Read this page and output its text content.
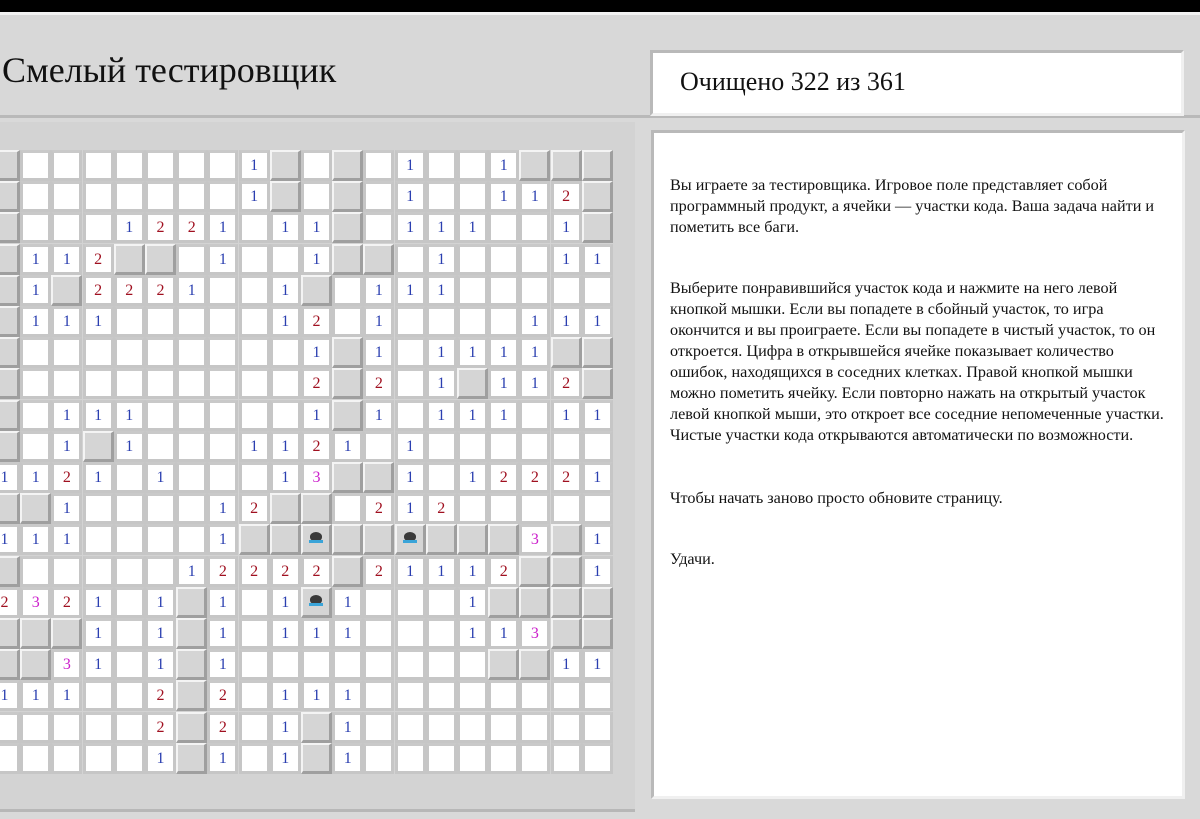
Смелый тестировщик	Очищено 322 из 361
1	1	1
1	1	1	1	2
1	2	2	1	1	1	1	1	1	1
1	1	2	1	1	1	1	1
1	2	2	2	1	1	1	1	1
1	1	1	1	2	1	1	1	1
1	1	1	1	1	1
2	2	1	1	1	2
1	1	1	1	1	1	1	1	1	1
1	1	1	1	2	1	1
1	1	2	1	1	1	3	1	1	2	2	2	1
1	1	2	2	1	2
1	1	1	1	3	1
1	2	2	2	2	2	1	1	1	2	1
2	3	2	1	1	1	1	1	1
1	1	1	1	1	1	1	1	3
3	1	1	1	1	1
1	1	1	2	2	1	1	1
2	2	1	1
1	1	1	1

Вы играете за тестировщика. Игровое поле представляет собой программный продукт, а ячейки — участки кода. Ваша задача найти и пометить все баги.

Выберите понравившийся участок кода и нажмите на него левой кнопкой мышки. Если вы попадете в сбойный участок, то игра окончится и вы проиграете. Если вы попадете в чистый участок, то он откроется. Цифра в открывшейся ячейке показывает количество ошибок, находящихся в соседних клетках. Правой кнопкой мышки можно пометить ячейку. Если повторно нажать на открытый участок левой кнопкой мыши, это откроет все соседние непомеченные участки. Чистые участки кода открываются автоматически по возможности.

Чтобы начать заново просто обновите страницу.

Удачи.
